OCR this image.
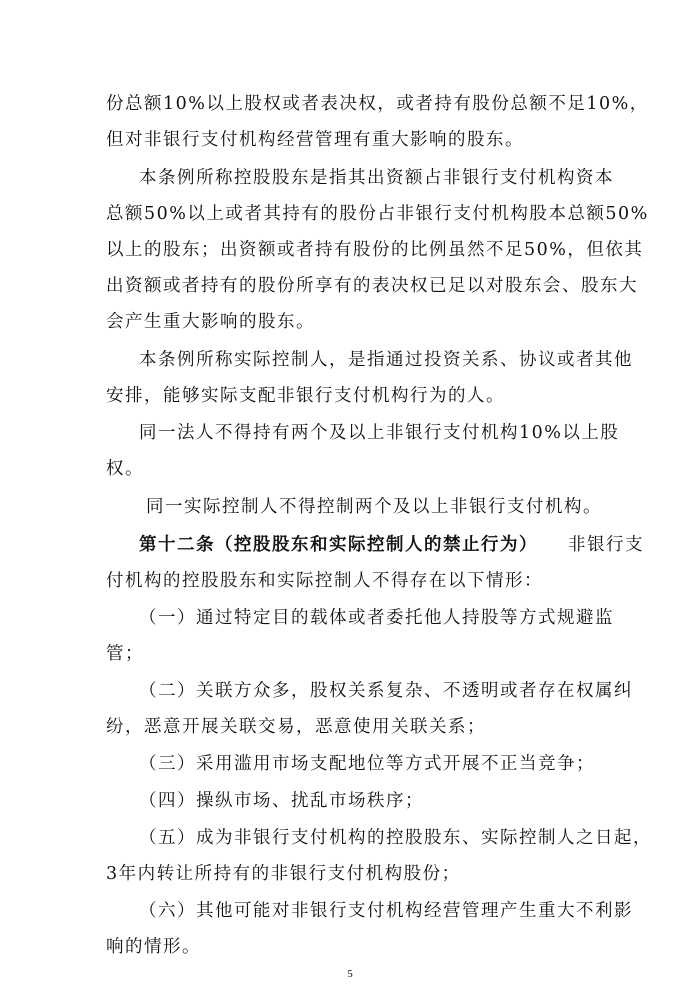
份总额10%以上股权或者表决权，或者持有股份总额不足10%，
但对非银行支付机构经营管理有重大影响的股东。
本条例所称控股股东是指其出资额占非银行支付机构资本
总额50%以上或者其持有的股份占非银行支付机构股本总额50%
以上的股东；出资额或者持有股份的比例虽然不足50%，但依其
出资额或者持有的股份所享有的表决权已足以对股东会、股东大
会产生重大影响的股东。
本条例所称实际控制人，是指通过投资关系、协议或者其他
安排，能够实际支配非银行支付机构行为的人。
同一法人不得持有两个及以上非银行支付机构10%以上股
权。
同一实际控制人不得控制两个及以上非银行支付机构。
第十二条（控股股东和实际控制人的禁止行为） 非银行支
付机构的控股股东和实际控制人不得存在以下情形：
（一）通过特定目的载体或者委托他人持股等方式规避监
管；
（二）关联方众多，股权关系复杂、不透明或者存在权属纠
纷，恶意开展关联交易，恶意使用关联关系；
（三）采用滥用市场支配地位等方式开展不正当竞争；
（四）操纵市场、扰乱市场秩序；
（五）成为非银行支付机构的控股股东、实际控制人之日起，
3年内转让所持有的非银行支付机构股份；
（六）其他可能对非银行支付机构经营管理产生重大不利影
响的情形。
5
